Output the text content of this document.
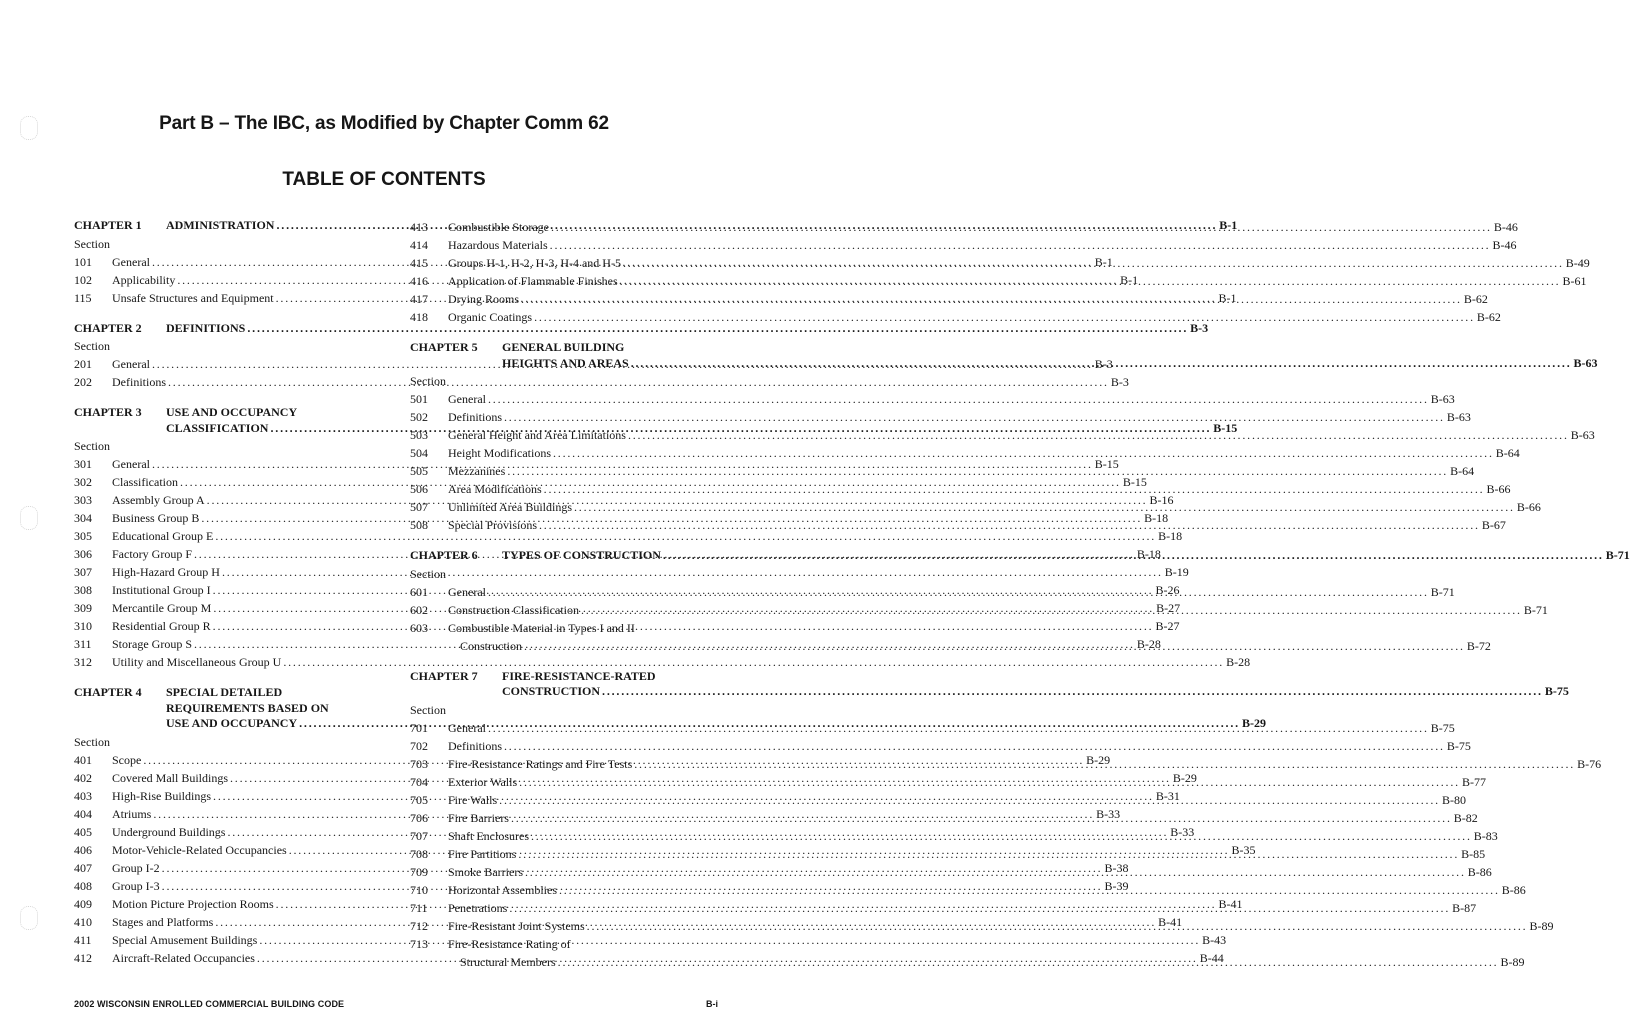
Part B – The IBC, as Modified by Chapter Comm 62
TABLE OF CONTENTS
CHAPTER 1	ADMINISTRATION .....	B-1
Section
101	General .....	B-1
102	Applicability .....	B-1
115	Unsafe Structures and Equipment .....	B-1
CHAPTER 2	DEFINITIONS .....	B-3
Section
201	General .....	B-3
202	Definitions .....	B-3
CHAPTER 3	USE AND OCCUPANCY
CLASSIFICATION .....	B-15
Section
301	General .....	B-15
302	Classification .....	B-15
303	Assembly Group A .....	B-16
304	Business Group B .....	B-18
305	Educational Group E .....	B-18
306	Factory Group F .....	B-18
307	High-Hazard Group H .....	B-19
308	Institutional Group I .....	B-26
309	Mercantile Group M .....	B-27
310	Residential Group R .....	B-27
311	Storage Group S .....	B-28
312	Utility and Miscellaneous Group U .....	B-28
CHAPTER 4	SPECIAL DETAILED
REQUIREMENTS BASED ON
USE AND OCCUPANCY .....	B-29
Section
401	Scope .....	B-29
402	Covered Mall Buildings .....	B-29
403	High-Rise Buildings .....	B-31
404	Atriums .....	B-33
405	Underground Buildings .....	B-33
406	Motor-Vehicle-Related Occupancies .....	B-35
407	Group I-2 .....	B-38
408	Group I-3 .....	B-39
409	Motion Picture Projection Rooms .....	B-41
410	Stages and Platforms .....	B-41
411	Special Amusement Buildings .....	B-43
412	Aircraft-Related Occupancies .....	B-44
413	Combustible Storage .....	B-46
414	Hazardous Materials .....	B-46
415	Groups H-1, H-2, H-3, H-4 and H-5 .....	B-49
416	Application of Flammable Finishes .....	B-61
417	Drying Rooms .....	B-62
418	Organic Coatings .....	B-62
CHAPTER 5	GENERAL BUILDING
HEIGHTS AND AREAS .....	B-63
Section
501	General .....	B-63
502	Definitions .....	B-63
503	General Height and Area Limitations .....	B-63
504	Height Modifications .....	B-64
505	Mezzanines .....	B-64
506	Area Modifications .....	B-66
507	Unlimited Area Buildings .....	B-66
508	Special Provisions .....	B-67
CHAPTER 6	TYPES OF CONSTRUCTION .....	B-71
Section
601	General .....	B-71
602	Construction Classification .....	B-71
603	Combustible Material in Types I and II
Construction .....	B-72
CHAPTER 7	FIRE-RESISTANCE-RATED
CONSTRUCTION .....	B-75
Section
701	General .....	B-75
702	Definitions .....	B-75
703	Fire-Resistance Ratings and Fire Tests .....	B-76
704	Exterior Walls .....	B-77
705	Fire Walls .....	B-80
706	Fire Barriers .....	B-82
707	Shaft Enclosures .....	B-83
708	Fire Partitions .....	B-85
709	Smoke Barriers .....	B-86
710	Horizontal Assemblies .....	B-86
711	Penetrations .....	B-87
712	Fire-Resistant Joint Systems .....	B-89
713	Fire-Resistance Rating of
Structural Members .....	B-89
2002 WISCONSIN ENROLLED COMMERCIAL BUILDING CODE	B-i
